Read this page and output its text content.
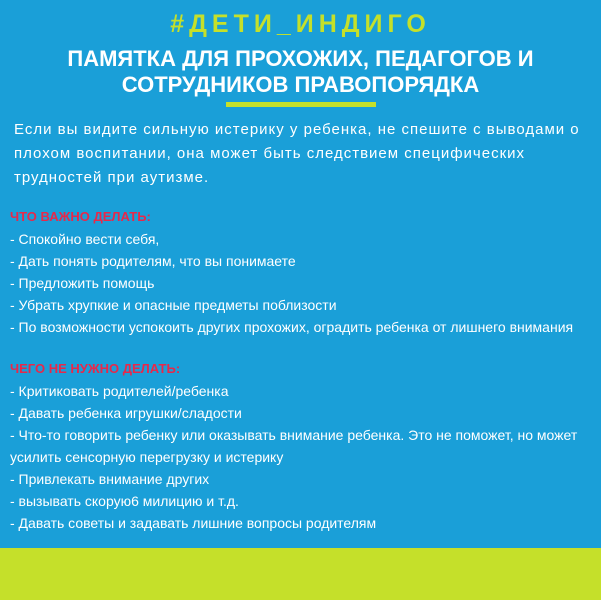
#ДЕТИ_ИНДИГО
ПАМЯТКА ДЛЯ ПРОХОЖИХ, ПЕДАГОГОВ И
СОТРУДНИКОВ ПРАВОПОРЯДКА
Если вы видите сильную истерику у ребенка, не спешите с выводами о плохом воспитании, она может быть следствием специфических трудностей при аутизме.
ЧТО ВАЖНО ДЕЛАТЬ:
- Спокойно вести себя,
- Дать понять родителям, что вы понимаете
- Предложить помощь
- Убрать хрупкие и опасные предметы поблизости
- По возможности успокоить других прохожих, оградить ребенка от лишнего внимания
ЧЕГО НЕ НУЖНО ДЕЛАТЬ:
- Критиковать родителей/ребенка
- Давать ребенка игрушки/сладости
- Что-то говорить ребенку или оказывать внимание ребенка. Это не поможет, но может усилить сенсорную перегрузку и истерику
- Привлекать внимание других
- вызывать скорую6 милицию и т.д.
- Давать советы и задавать лишние вопросы родителям
